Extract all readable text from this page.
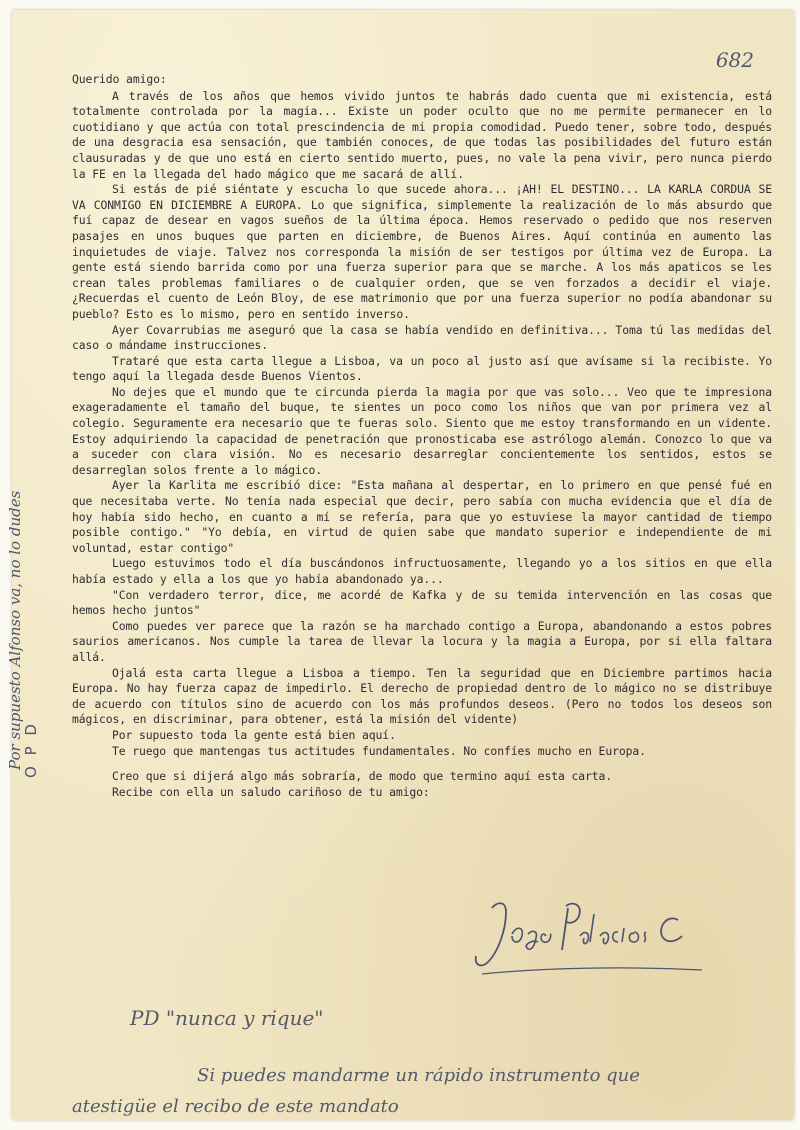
682

Querido amigo:

A través de los años que hemos vivido juntos te habrás dado cuenta que mi existencia, está totalmente controlada por la magia... Existe un poder oculto que no me permite permanecer en lo cuotidiano y que actúa con total prescindencia de mi propia comodidad. Puedo tener, sobre todo, después de una desgracia esa sensación, que también conoces, de que todas las posibilidades del futuro están clausuradas y de que uno está en cierto sentido muerto, pues, no vale la pena vivir, pero nunca pierdo la FE en la llegada del hado mágico que me sacará de allí.

Si estás de pié siéntate y escucha lo que sucede ahora... ¡AH! EL DESTINO... LA KARLA CORDUA SE VA CONMIGO EN DICIEMBRE A EUROPA. Lo que significa, simplemente la realización de lo más absurdo que fuí capaz de desear en vagos sueños de la última época. Hemos reservado o pedido que nos reserven pasajes en unos buques que parten en diciembre, de Buenos Aires. Aquí continúa en aumento las inquietudes de viaje. Talvez nos corresponda la misión de ser testigos por última vez de Europa. La gente está siendo barrida como por una fuerza superior para que se marche. A los más apaticos se les crean tales problemas familiares o de cualquier orden, que se ven forzados a decidir el viaje. ¿Recuerdas el cuento de León Bloy, de ese matrimonio que por una fuerza superior no podía abandonar su pueblo? Esto es lo mismo, pero en sentido inverso.

Ayer Covarrubias me aseguró que la casa se había vendido en definitiva... Toma tú las medidas del caso o mándame instrucciones.

Trataré que esta carta llegue a Lisboa, va un poco al justo así que avísame si la recibiste. Yo tengo aquí la llegada desde Buenos Vientos.

No dejes que el mundo que te circunda pierda la magia por que vas solo... Veo que te impresiona exageradamente el tamaño del buque, te sientes un poco como los niños que van por primera vez al colegio. Seguramente era necesario que te fueras solo. Siento que me estoy transformando en un vidente. Estoy adquiriendo la capacidad de penetración que pronosticaba ese astrólogo alemán. Conozco lo que va a suceder con clara visión. No es necesario desarreglar concientemente los sentidos, estos se desarreglan solos frente a lo mágico.

Ayer la Karlita me escribió dice: "Esta mañana al despertar, en lo primero en que pensé fué en que necesitaba verte. No tenía nada especial que decir, pero sabía con mucha evidencia que el día de hoy había sido hecho, en cuanto a mí se refería, para que yo estuviese la mayor cantidad de tiempo posible contigo." "Yo debía, en virtud de quien sabe que mandato superior e independiente de mi voluntad, estar contigo"

Luego estuvimos todo el día buscándonos infructuosamente, llegando yo a los sitios en que ella había estado y ella a los que yo había abandonado ya...

"Con verdadero terror, dice, me acordé de Kafka y de su temida intervención en las cosas que hemos hecho juntos"

Como puedes ver parece que la razón se ha marchado contigo a Europa, abandonando a estos pobres saurios americanos. Nos cumple la tarea de llevar la locura y la magia a Europa, por si ella faltara allá.

Ojalá esta carta llegue a Lisboa a tiempo. Ten la seguridad que en Diciembre partimos hacia Europa. No hay fuerza capaz de impedirlo. El derecho de propiedad dentro de lo mágico no se distribuye de acuerdo con títulos sino de acuerdo con los más profundos deseos. (Pero no todos los deseos son mágicos, en discriminar, para obtener, está la misión del vidente)

Por supuesto toda la gente está bien aquí.

Te ruego que mantengas tus actitudes fundamentales. No confíes mucho en Europa.

Creo que si dijerá algo más sobraría, de modo que termino aquí esta carta.

Recibe con ella un saludo cariñoso de tu amigo:

PD "nunca y rique"
Si puedes mandarme un rápido instrumento que
atestigüe el recibo de este mandato
Por supuesto Alfonso va, no lo dudes
O P D
